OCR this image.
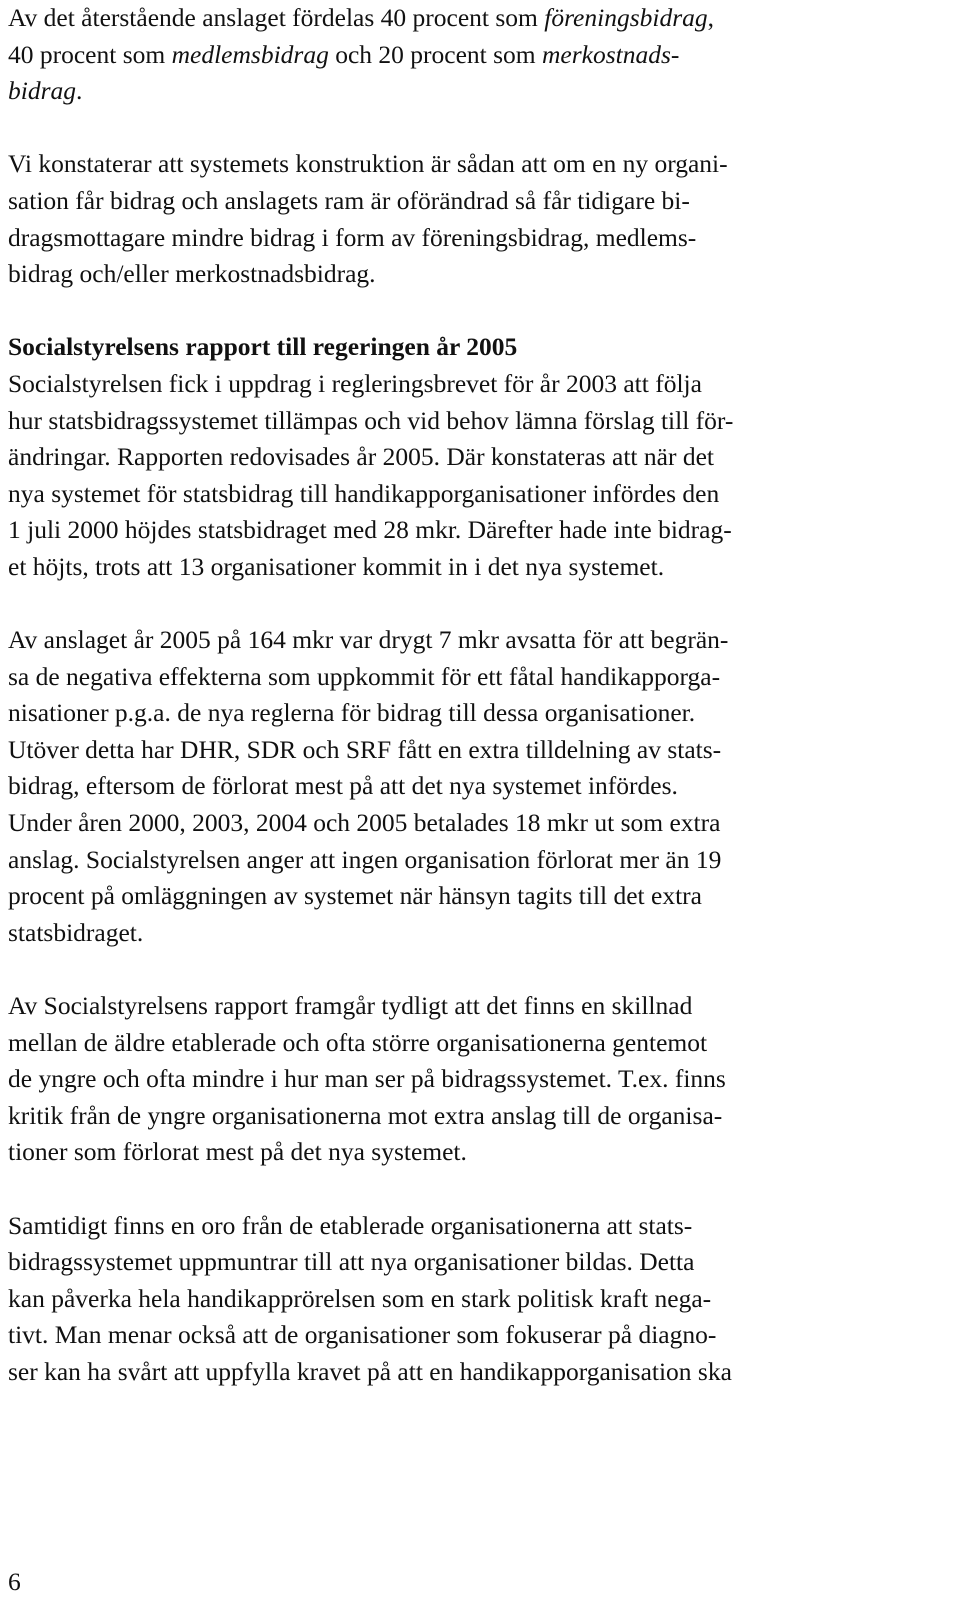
Av det återstående anslaget fördelas 40 procent som föreningsbidrag,
40 procent som medlemsbidrag och 20 procent som merkostnads-
bidrag.
Vi konstaterar att systemets konstruktion är sådan att om en ny organi-
sation får bidrag och anslagets ram är oförändrad så får tidigare bi-
dragsmottagare mindre bidrag i form av föreningsbidrag, medlems-
bidrag och/eller merkostnadsbidrag.
Socialstyrelsens rapport till regeringen år 2005
Socialstyrelsen fick i uppdrag i regleringsbrevet för år 2003 att följa
hur statsbidragssystemet tillämpas och vid behov lämna förslag till för-
ändringar. Rapporten redovisades år 2005. Där konstateras att när det
nya systemet för statsbidrag till handikapporganisationer infördes den
1 juli 2000 höjdes statsbidraget med 28 mkr. Därefter hade inte bidrag-
et höjts, trots att 13 organisationer kommit in i det nya systemet.
Av anslaget år 2005 på 164 mkr var drygt 7 mkr avsatta för att begrän-
sa de negativa effekterna som uppkommit för ett fåtal handikapporga-
nisationer p.g.a. de nya reglerna för bidrag till dessa organisationer.
Utöver detta har DHR, SDR och SRF fått en extra tilldelning av stats-
bidrag, eftersom de förlorat mest på att det nya systemet infördes.
Under åren 2000, 2003, 2004 och 2005 betalades 18 mkr ut som extra
anslag. Socialstyrelsen anger att ingen organisation förlorat mer än 19
procent på omläggningen av systemet när hänsyn tagits till det extra
statsbidraget.
Av Socialstyrelsens rapport framgår tydligt att det finns en skillnad
mellan de äldre etablerade och ofta större organisationerna gentemot
de yngre och ofta mindre i hur man ser på bidragssystemet. T.ex. finns
kritik från de yngre organisationerna mot extra anslag till de organisa-
tioner som förlorat mest på det nya systemet.
Samtidigt finns en oro från de etablerade organisationerna att stats-
bidragssystemet uppmuntrar till att nya organisationer bildas. Detta
kan påverka hela handikapprörelsen som en stark politisk kraft nega-
tivt. Man menar också att de organisationer som fokuserar på diagno-
ser kan ha svårt att uppfylla kravet på att en handikapporganisation ska
6
